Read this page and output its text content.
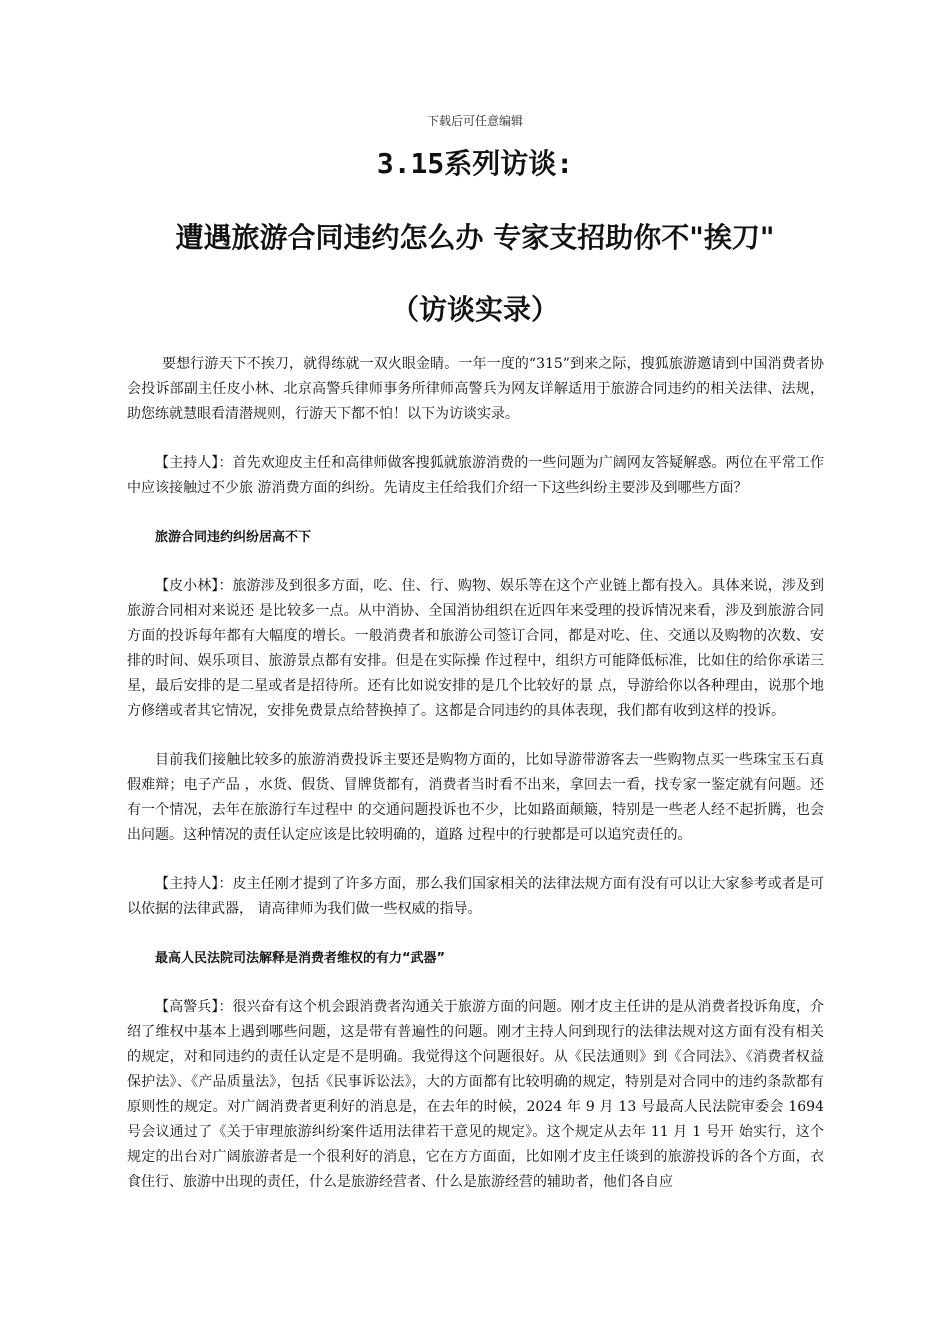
下载后可任意编辑
3.15系列访谈:
遭遇旅游合同违约怎么办 专家支招助你不"挨刀"
（访谈实录）

要想行游天下不挨刀，就得练就一双火眼金睛。一年一度的“315”到来之际，搜狐旅游邀请到中国消费者协会投诉部副主任皮小林、北京高警兵律师事务所律师高警兵为网友详解适用于旅游合同违约的相关法律、法规，助您练就慧眼看清潜规则，行游天下都不怕！以下为访谈实录。

【主持人】：首先欢迎皮主任和高律师做客搜狐就旅游消费的一些问题为广阔网友答疑解惑。两位在平常工作中应该接触过不少旅 游消费方面的纠纷。先请皮主任给我们介绍一下这些纠纷主要涉及到哪些方面？

旅游合同违约纠纷居高不下

【皮小林】：旅游涉及到很多方面，吃、住、行、购物、娱乐等在这个产业链上都有投入。具体来说，涉及到旅游合同相对来说还 是比较多一点。从中消协、全国消协组织在近四年来受理的投诉情况来看，涉及到旅游合同方面的投诉每年都有大幅度的增长。一般消费者和旅游公司签订合同，都是对吃、住、交通以及购物的次数、安排的时间、娱乐项目、旅游景点都有安排。但是在实际操 作过程中，组织方可能降低标准，比如住的给你承诺三星，最后安排的是二星或者是招待所。还有比如说安排的是几个比较好的景 点，导游给你以各种理由，说那个地方修缮或者其它情况，安排免费景点给替换掉了。这都是合同违约的具体表现，我们都有收到这样的投诉。

目前我们接触比较多的旅游消费投诉主要还是购物方面的，比如导游带游客去一些购物点买一些珠宝玉石真假难辩；电子产品 ，水货、假货、冒牌货都有，消费者当时看不出来，拿回去一看，找专家一鉴定就有问题。还有一个情况，去年在旅游行车过程中 的交通问题投诉也不少，比如路面颠簸，特别是一些老人经不起折腾，也会出问题。这种情况的责任认定应该是比较明确的，道路 过程中的行驶都是可以追究责任的。

【主持人】：皮主任刚才提到了许多方面，那么我们国家相关的法律法规方面有没有可以让大家参考或者是可以依据的法律武器， 请高律师为我们做一些权威的指导。

最高人民法院司法解释是消费者维权的有力“武器”

【高警兵】：很兴奋有这个机会跟消费者沟通关于旅游方面的问题。刚才皮主任讲的是从消费者投诉角度，介绍了维权中基本上遇到哪些问题，这是带有普遍性的问题。刚才主持人问到现行的法律法规对这方面有没有相关的规定，对和同违约的责任认定是不是明确。我觉得这个问题很好。从《民法通则》到《合同法》、《消费者权益保护法》、《产品质量法》，包括《民事诉讼法》，大的方面都有比较明确的规定，特别是对合同中的违约条款都有原则性的规定。对广阔消费者更利好的消息是，在去年的时候，2024 年 9 月 13 号最高人民法院审委会 1694 号会议通过了《关于审理旅游纠纷案件适用法律若干意见的规定》。这个规定从去年 11 月 1 号开 始实行，这个规定的出台对广阔旅游者是一个很利好的消息，它在方方面面，比如刚才皮主任谈到的旅游投诉的各个方面，衣食住行、旅游中出现的责任，什么是旅游经营者、什么是旅游经营的辅助者，他们各自应
